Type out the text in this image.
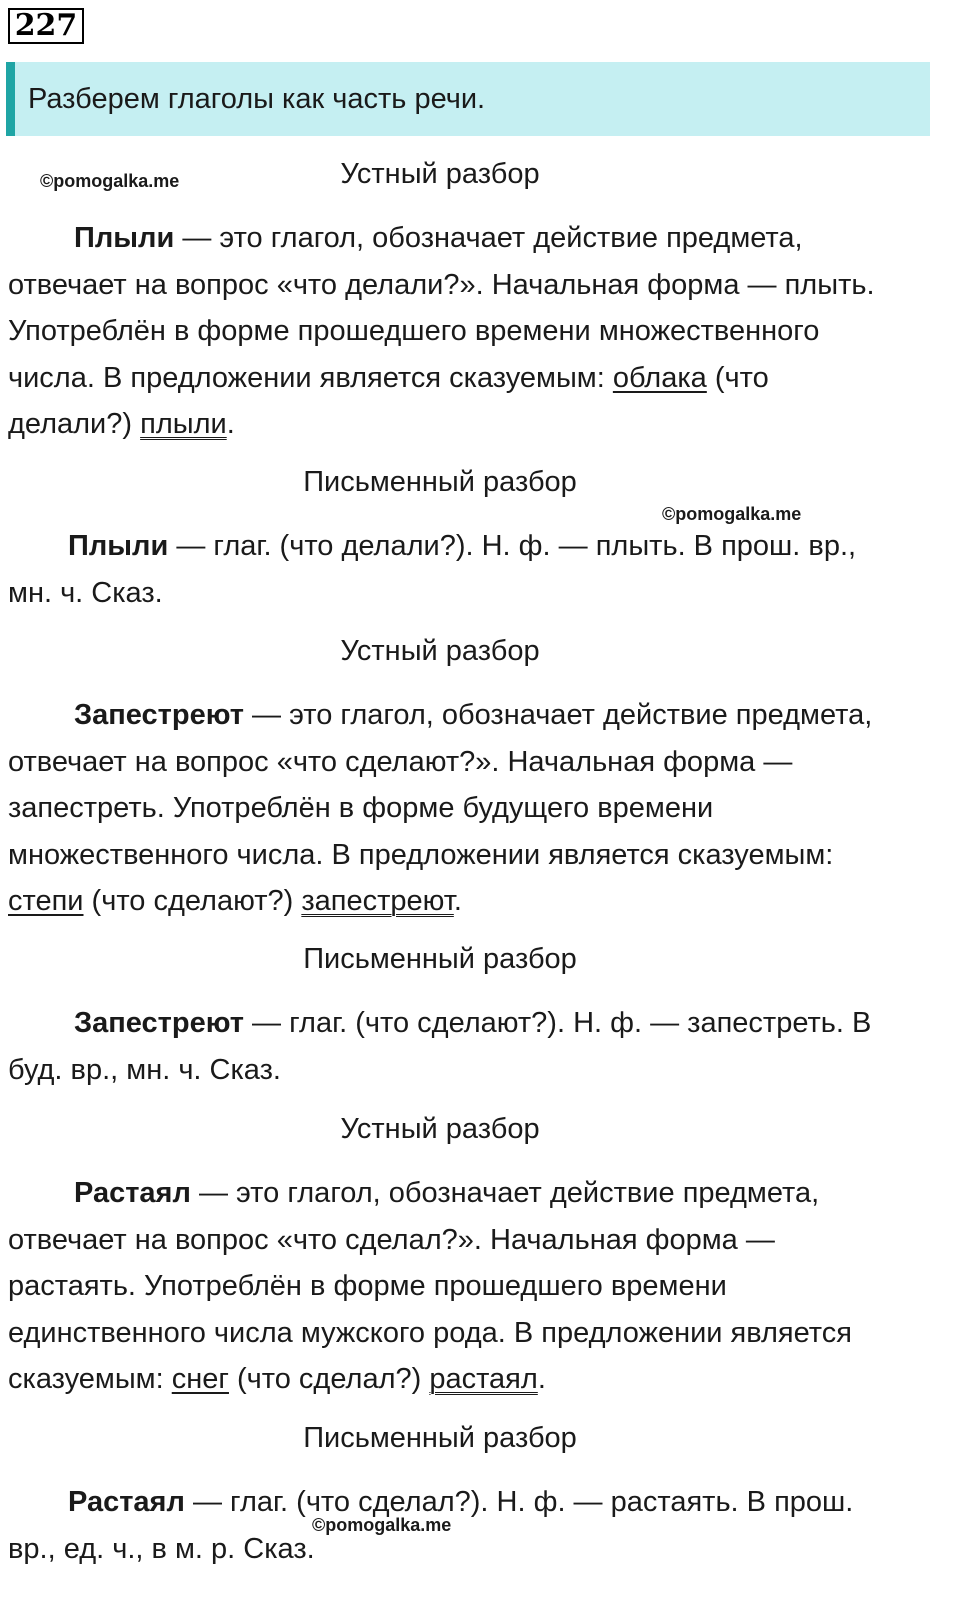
227
Разберем глаголы как часть речи.
©pomogalka.me
©pomogalka.me
©pomogalka.me
Устный разбор

Плыли — это глагол, обозначает действие предмета, отвечает на вопрос «что делали?». Начальная форма — плыть. Употреблён в форме прошедшего времени множественного числа. В предложении является сказуемым: облака (что делали?) плыли.

Письменный разбор

Плыли — глаг. (что делали?). Н. ф. — плыть. В прош. вр., мн. ч. Сказ.

Устный разбор

Запестреют — это глагол, обозначает действие предмета, отвечает на вопрос «что сделают?». Начальная форма — запестреть. Употреблён в форме будущего времени множественного числа. В предложении является сказуемым: степи (что сделают?) запестреют.

Письменный разбор

Запестреют — глаг. (что сделают?). Н. ф. — запестреть. В буд. вр., мн. ч. Сказ.

Устный разбор

Растаял — это глагол, обозначает действие предмета, отвечает на вопрос «что сделал?». Начальная форма — растаять. Употреблён в форме прошедшего времени единственного числа мужского рода. В предложении является сказуемым: снег (что сделал?) растаял.

Письменный разбор

Растаял — глаг. (что сделал?). Н. ф. — растаять. В прош. вр., ед. ч., в м. р. Сказ.
